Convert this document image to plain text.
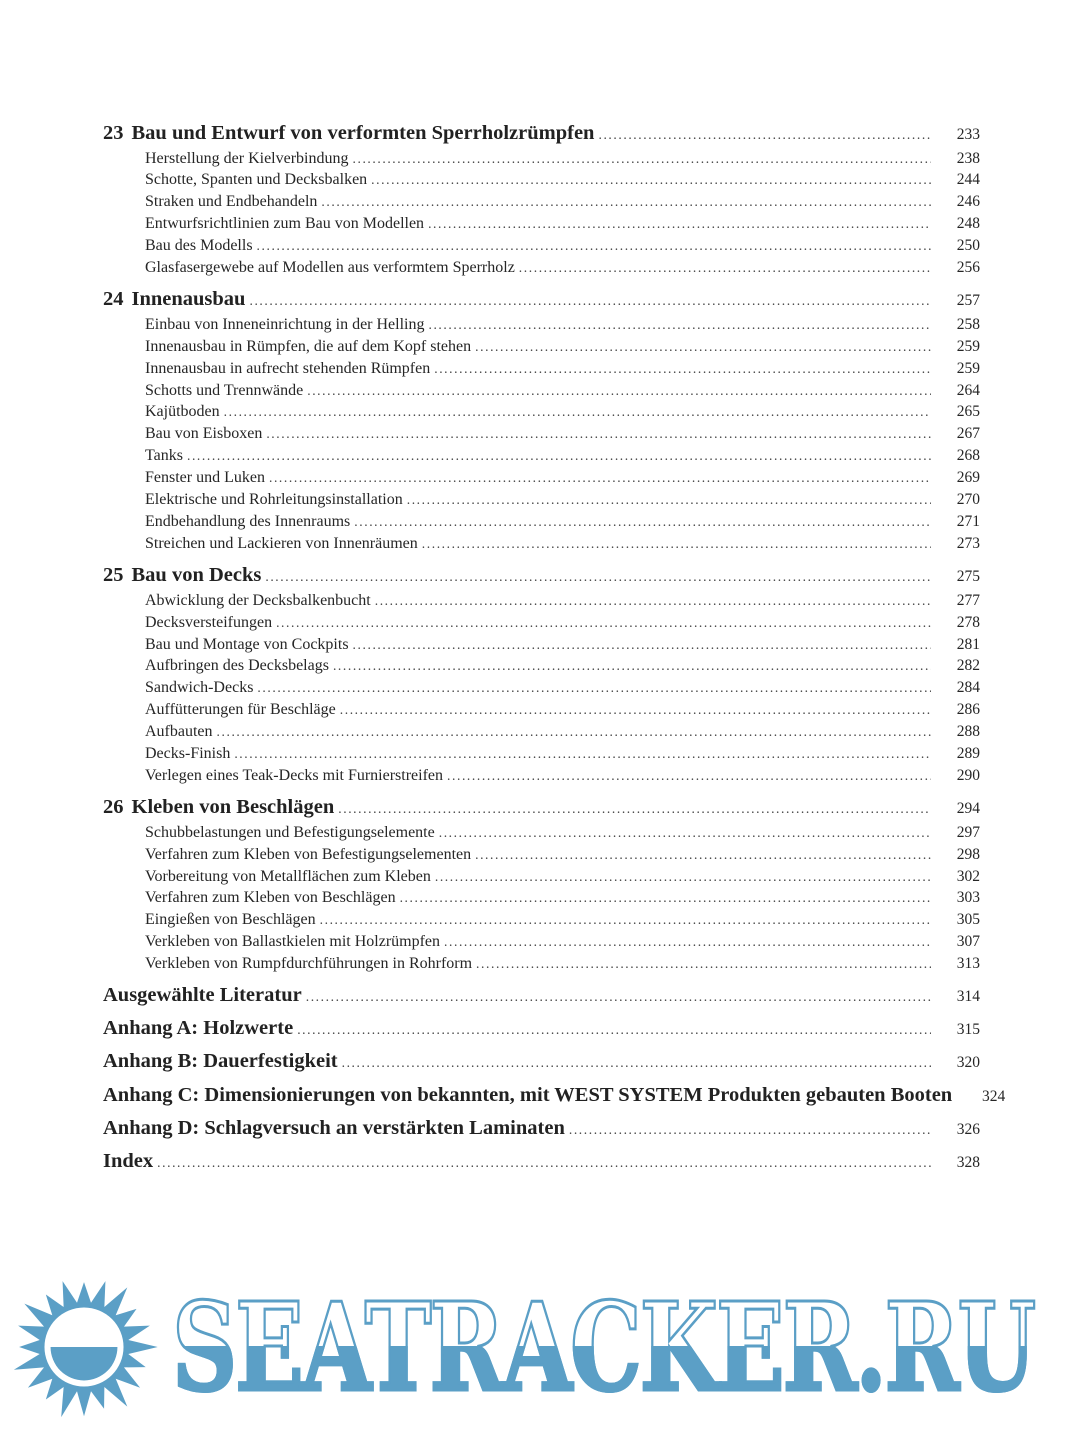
23 Bau und Entwurf von verformten Sperrholzrümpfen .....	233
Herstellung der Kielverbindung .....	238
Schotte, Spanten und Decksbalken .....	244
Straken und Endbehandeln .....	246
Entwurfsrichtlinien zum Bau von Modellen .....	248
Bau des Modells .....	250
Glasfasergewebe auf Modellen aus verformtem Sperrholz .....	256
24 Innenausbau .....	257
Einbau von Inneneinrichtung in der Helling .....	258
Innenausbau in Rümpfen, die auf dem Kopf stehen .....	259
Innenausbau in aufrecht stehenden Rümpfen .....	259
Schotts und Trennwände .....	264
Kajütboden .....	265
Bau von Eisboxen .....	267
Tanks .....	268
Fenster und Luken .....	269
Elektrische und Rohrleitungsinstallation .....	270
Endbehandlung des Innenraums .....	271
Streichen und Lackieren von Innenräumen .....	273
25 Bau von Decks .....	275
Abwicklung der Decksbalkenbucht .....	277
Decksversteifungen .....	278
Bau und Montage von Cockpits .....	281
Aufbringen des Decksbelags .....	282
Sandwich-Decks .....	284
Auffütterungen für Beschläge .....	286
Aufbauten .....	288
Decks-Finish .....	289
Verlegen eines Teak-Decks mit Furnierstreifen .....	290
26 Kleben von Beschlägen .....	294
Schubbelastungen und Befestigungselemente .....	297
Verfahren zum Kleben von Befestigungselementen .....	298
Vorbereitung von Metallflächen zum Kleben .....	302
Verfahren zum Kleben von Beschlägen .....	303
Eingießen von Beschlägen .....	305
Verkleben von Ballastkielen mit Holzrümpfen .....	307
Verkleben von Rumpfdurchführungen in Rohrform .....	313
Ausgewählte Literatur .....	314
Anhang A: Holzwerte .....	315
Anhang B: Dauerfestigkeit .....	320
Anhang C: Dimensionierungen von bekannten, mit WEST SYSTEM Produkten gebauten Booten	324
Anhang D: Schlagversuch an verstärkten Laminaten .....	326
Index .....	328
SEATRACKER.RU
